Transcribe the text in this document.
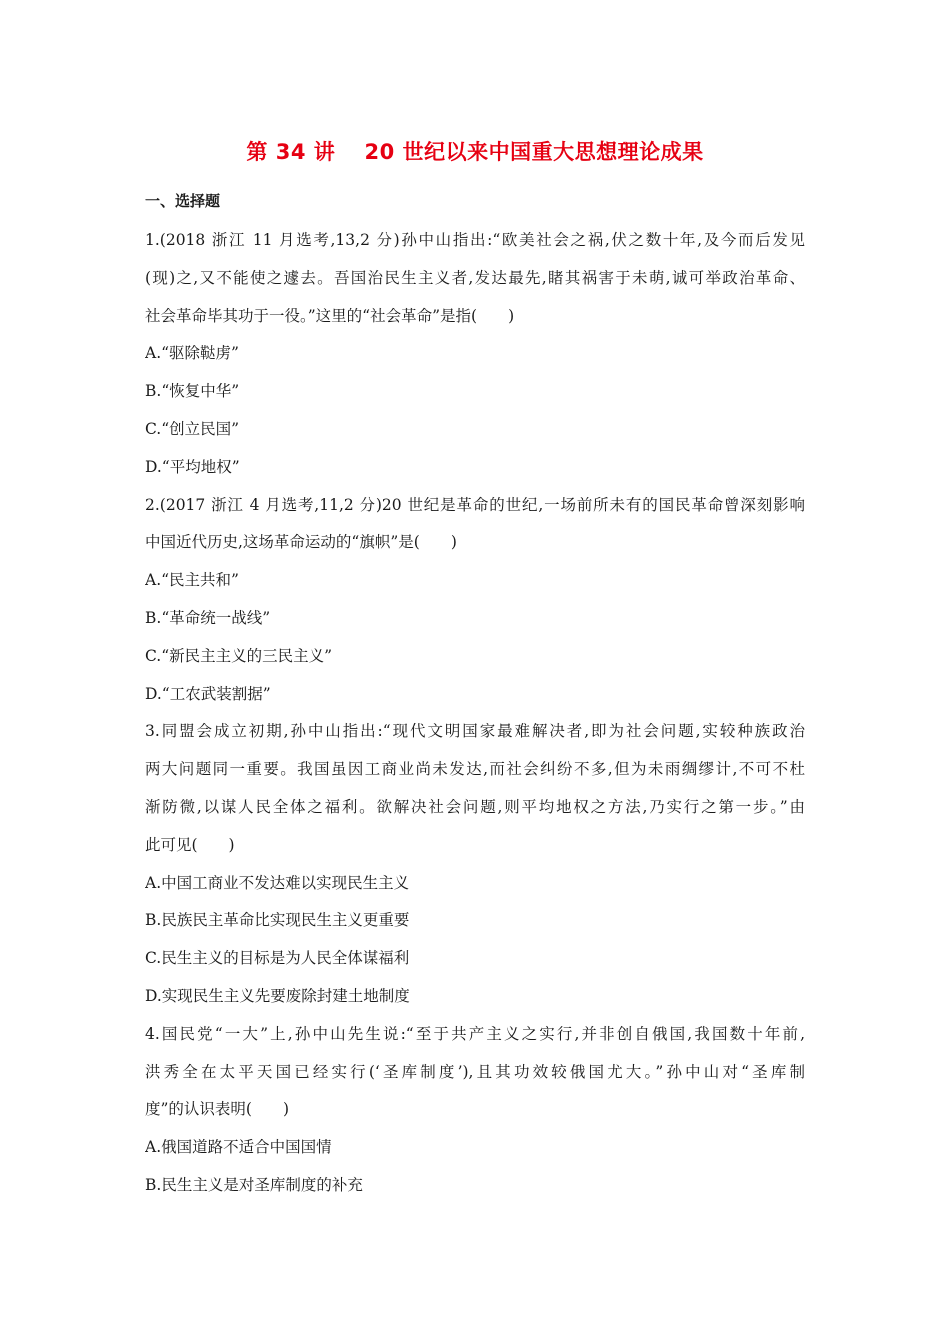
第 34 讲　 20 世纪以来中国重大思想理论成果
一、选择题
1.(2018 浙江 11 月选考,13,2 分)孙中山指出:“欧美社会之祸,伏之数十年,及今而后发见
(现)之,又不能使之遽去。吾国治民生主义者,发达最先,睹其祸害于未萌,诚可举政治革命、
社会革命毕其功于一役。”这里的“社会革命”是指(　　)
A.“驱除鞑虏”
B.“恢复中华”
C.“创立民国”
D.“平均地权”
2.(2017 浙江 4 月选考,11,2 分)20 世纪是革命的世纪,一场前所未有的国民革命曾深刻影响
中国近代历史,这场革命运动的“旗帜”是(　　)
A.“民主共和”
B.“革命统一战线”
C.“新民主主义的三民主义”
D.“工农武装割据”
3.同盟会成立初期,孙中山指出:“现代文明国家最难解决者,即为社会问题,实较种族政治
两大问题同一重要。我国虽因工商业尚未发达,而社会纠纷不多,但为未雨绸缪计,不可不杜
渐防微,以谋人民全体之福利。欲解决社会问题,则平均地权之方法,乃实行之第一步。”由
此可见(　　)
A.中国工商业不发达难以实现民生主义
B.民族民主革命比实现民生主义更重要
C.民生主义的目标是为人民全体谋福利
D.实现民生主义先要废除封建土地制度
4.国民党“一大”上,孙中山先生说:“至于共产主义之实行,并非创自俄国,我国数十年前,
洪秀全在太平天国已经实行(‘圣库制度’),且其功效较俄国尤大。”孙中山对“圣库制
度”的认识表明(　　)
A.俄国道路不适合中国国情
B.民生主义是对圣库制度的补充
